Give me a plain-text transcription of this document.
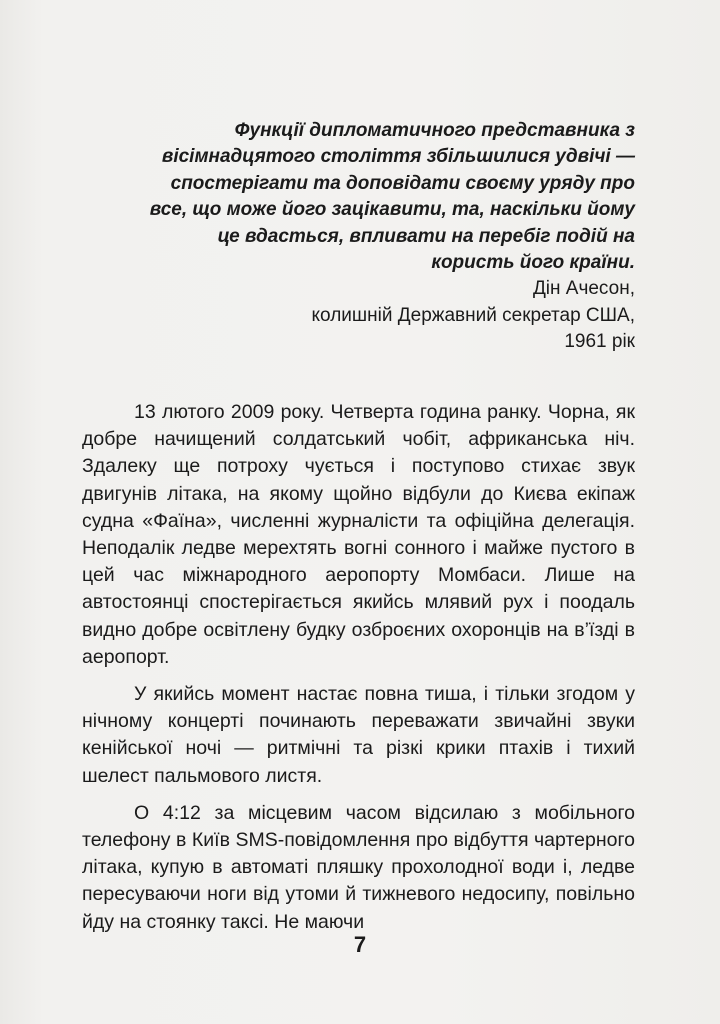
Функції дипломатичного представника з вісімнадцятого століття збільшилися удвічі — спостерігати та доповідати своєму уряду про все, що може його зацікавити, та, наскільки йому це вдасться, впливати на перебіг подій на користь його країни.

Дін Ачесон,

колишній Державний секретар США,

1961 рік

13 лютого 2009 року. Четверта година ранку. Чорна, як добре начищений солдатський чобіт, африканська ніч. Здалеку ще потроху чується і поступово стихає звук двигунів літака, на якому щойно відбули до Києва екіпаж судна «Фаїна», численні журналісти та офіційна делегація. Неподалік ледве мерехтять вогні сонного і майже пустого в цей час міжнародного аеропорту Момбаси. Лише на автостоянці спостерігається якийсь млявий рух і поодаль видно добре освітлену будку озброєних охоронців на в’їзді в аеропорт.

У якийсь момент настає повна тиша, і тільки згодом у нічному концерті починають переважати звичайні звуки кенійської ночі — ритмічні та різкі крики птахів і тихий шелест пальмового листя.

О 4:12 за місцевим часом відсилаю з мобільного телефону в Київ SMS-повідомлення про відбуття чартерного літака, купую в автоматі пляшку прохолодної води і, ледве пересуваючи ноги від утоми й тижневого недосипу, повільно йду на стоянку таксі. Не маючи

7
